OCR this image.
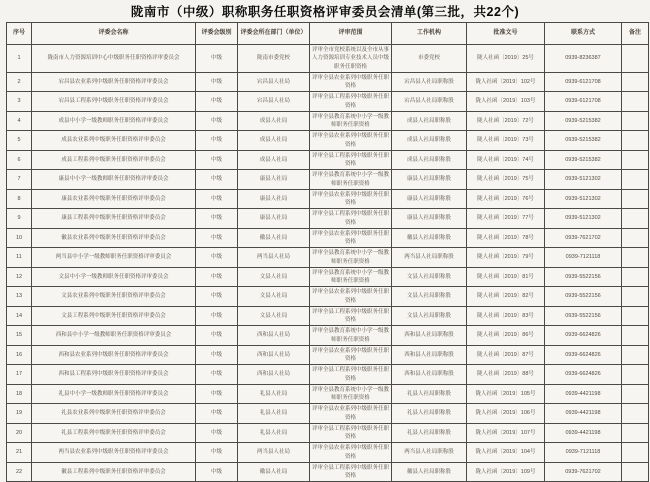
陇南市（中级）职称职务任职资格评审委员会清单(第三批，共22个)
序号	评委会名称	评委会级别	评委会所在部门（单位）	评审范围	工作机构	批准文号	联系方式	备注
1	陇南市人力资源培训中心中级职务任职资格评审委员会	中级	陇南市委党校	评审全市党校系统以及全市从事人力资源培训专业技术人员中级职务任职资格	市委党校	陇人社函〔2019〕25号	0939-8236387	
2	宕昌县农业系列中级职务任职资格评审委员会	中级	宕昌县人社局	评审全县农业系列中级职务任职资格	宕昌县人社局职称股	陇人社函〔2019〕102号	0939-6121708	
3	宕昌县工程系列中级职务任职资格评审委员会	中级	宕昌县人社局	评审全县工程系列中级职务任职资格	宕昌县人社局职称股	陇人社函〔2019〕103号	0939-6121708	
4	成县中小学一级教师职务任职资格评审委员会	中级	成县人社局	评审全县教育系统中小学一级教师职务任职资格	成县人社局职称股	陇人社函〔2019〕72号	0939-5215382	
5	成县农业系列中级职务任职资格评审委员会	中级	成县人社局	评审全县农业系列中级职务任职资格	成县人社局职称股	陇人社函〔2019〕73号	0939-5215382	
6	成县工程系列中级职务任职资格评审委员会	中级	成县人社局	评审全县工程系列中级职务任职资格	成县人社局职称股	陇人社函〔2019〕74号	0939-5215382	
7	康县中小学一级教师职务任职资格评审委员会	中级	康县人社局	评审全县教育系统中小学一级教师职务任职资格	康县人社局职称股	陇人社函〔2019〕75号	0939-5121302	
8	康县农业系列中级职务任职资格评审委员会	中级	康县人社局	评审全县农业系列中级职务任职资格	康县人社局职称股	陇人社函〔2019〕76号	0939-5121302	
9	康县工程系列中级职务任职资格评审委员会	中级	康县人社局	评审全县工程系列中级职务任职资格	康县人社局职称股	陇人社函〔2019〕77号	0939-5121302	
10	徽县农业系列中级职务任职资格评审委员会	中级	徽县人社局	评审全县农业系列中级职务任职资格	徽县人社局职称股	陇人社函〔2019〕78号	0939-7621702	
11	两当县中小学一级教师职务任职资格评审委员会	中级	两当县人社局	评审全县教育系统中小学一级教师职务任职资格	两当县人社局职称股	陇人社函〔2019〕79号	0939-7121118	
12	文县中小学一级教师职务任职资格评审委员会	中级	文县人社局	评审全县教育系统中小学一级教师职务任职资格	文县人社局职称股	陇人社函〔2019〕81号	0939-5522156	
13	文县农业系列中级职务任职资格评审委员会	中级	文县人社局	评审全县农业系列中级职务任职资格	文县人社局职称股	陇人社函〔2019〕82号	0939-5522156	
14	文县工程系列中级职务任职资格评审委员会	中级	文县人社局	评审全县工程系列中级职务任职资格	文县人社局职称股	陇人社函〔2019〕83号	0939-5522156	
15	西和县中小学一级教师职务任职资格评审委员会	中级	西和县人社局	评审全县教育系统中小学一级教师职务任职资格	西和县人社局职称股	陇人社函〔2019〕86号	0939-6624826	
16	西和县农业系列中级职务任职资格评审委员会	中级	西和县人社局	评审全县农业系列中级职务任职资格	西和县人社局职称股	陇人社函〔2019〕87号	0939-6624826	
17	西和县工程系列中级职务任职资格评审委员会	中级	西和县人社局	评审全县工程系列中级职务任职资格	西和县人社局职称股	陇人社函〔2019〕88号	0939-6624826	
18	礼县中小学一级教师职务任职资格评审委员会	中级	礼县人社局	评审全县教育系统中小学一级教师职务任职资格	礼县人社局职称股	陇人社函〔2019〕105号	0939-4421198	
19	礼县农业系列中级职务任职资格评审委员会	中级	礼县人社局	评审全县农业系列中级职务任职资格	礼县人社局职称股	陇人社函〔2019〕106号	0939-4421198	
20	礼县工程系列中级职务任职资格评审委员会	中级	礼县人社局	评审全县工程系列中级职务任职资格	礼县人社局职称股	陇人社函〔2019〕107号	0939-4421198	
21	两当县农业系列中级职务任职资格评审委员会	中级	两当县人社局	评审全县农业系列中级职务任职资格	两当县人社局职称股	陇人社函〔2019〕104号	0939-7121118	
22	徽县工程系列中级职务任职资格评审委员会	中级	徽县人社局	评审全县工程系列中级职务任职资格	徽县人社局职称股	陇人社函〔2019〕109号	0939-7621702	
